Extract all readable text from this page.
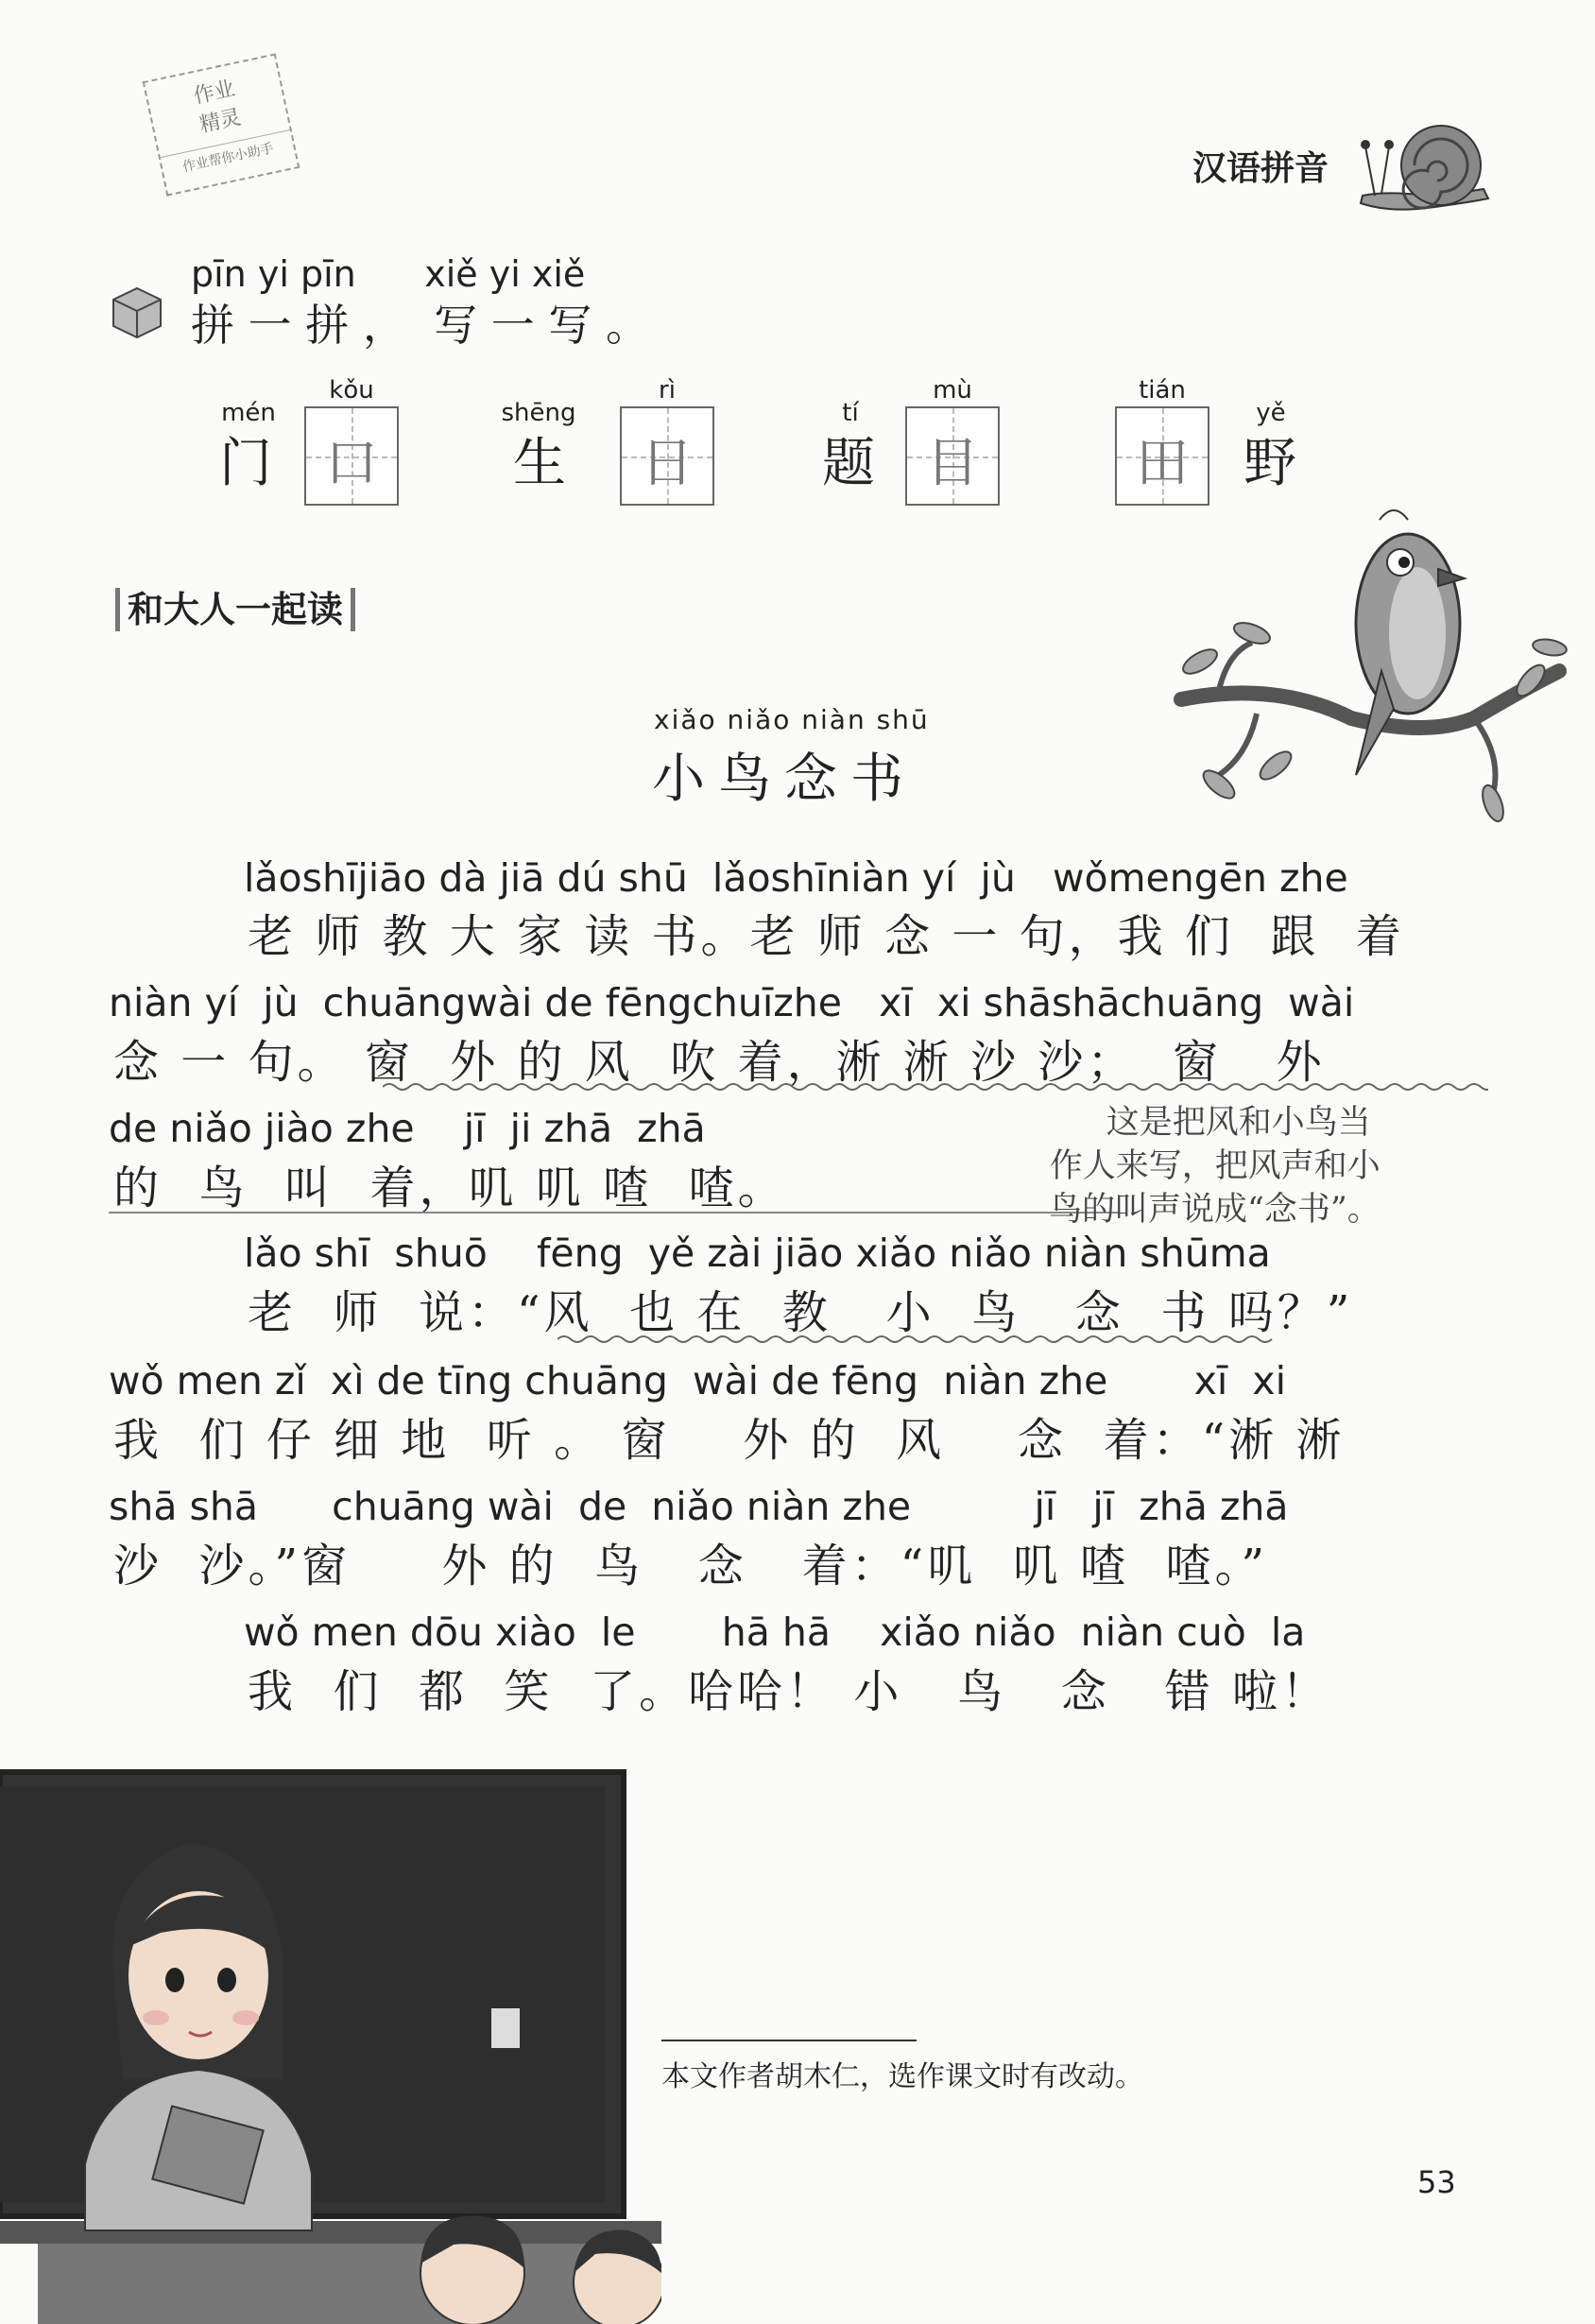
作业
精灵
作业帮你小助手	汉语拼音
pīn yi pīn      xiě yi xiě
拼 一 拼 ，  写 一 写 。
mén
门
kǒu
口
shēng
生
rì
日
tí
题
mù
目
tián
田
yě
野
和大人一起读
xiǎo niǎo niàn shū
小鸟念书
lǎoshījiāo dà jiā dú shū  lǎoshīniàn yí  jù   wǒmengēn zhe
老 师 教 大 家 读 书。老 师 念 一 句，我 们  跟  着
niàn yí  jù  chuāngwài de fēngchuīzhe   xī  xi shāshāchuāng  wài
念 一 句。 窗  外 的 风  吹 着，淅 淅 沙 沙；  窗   外
de niǎo jiào zhe    jī  ji zhā  zhā
的  鸟  叫  着，叽 叽 喳  喳。
这是把风和小鸟当
作人来写，把风声和小
鸟的叫声说成“念书”。
lǎo shī  shuō    fēng  yě zài jiāo xiǎo niǎo niàn shūma
老  师  说：“风  也 在  教   小  鸟   念  书 吗？”
wǒ men zǐ  xì de tīng chuāng  wài de fēng  niàn zhe       xī  xi
我  们 仔 细 地  听 。 窗    外 的  风    念  着：“淅 淅
shā shā      chuāng wài  de  niǎo niàn zhe          jī   jī  zhā zhā
沙  沙。”窗     外 的  鸟   念   着：“叽  叽 喳  喳。”
wǒ men dōu xiào  le       hā hā    xiǎo niǎo  niàn cuò  la
我  们  都  笑  了。哈哈！ 小   鸟   念   错 啦！
本文作者胡木仁，选作课文时有改动。
53
